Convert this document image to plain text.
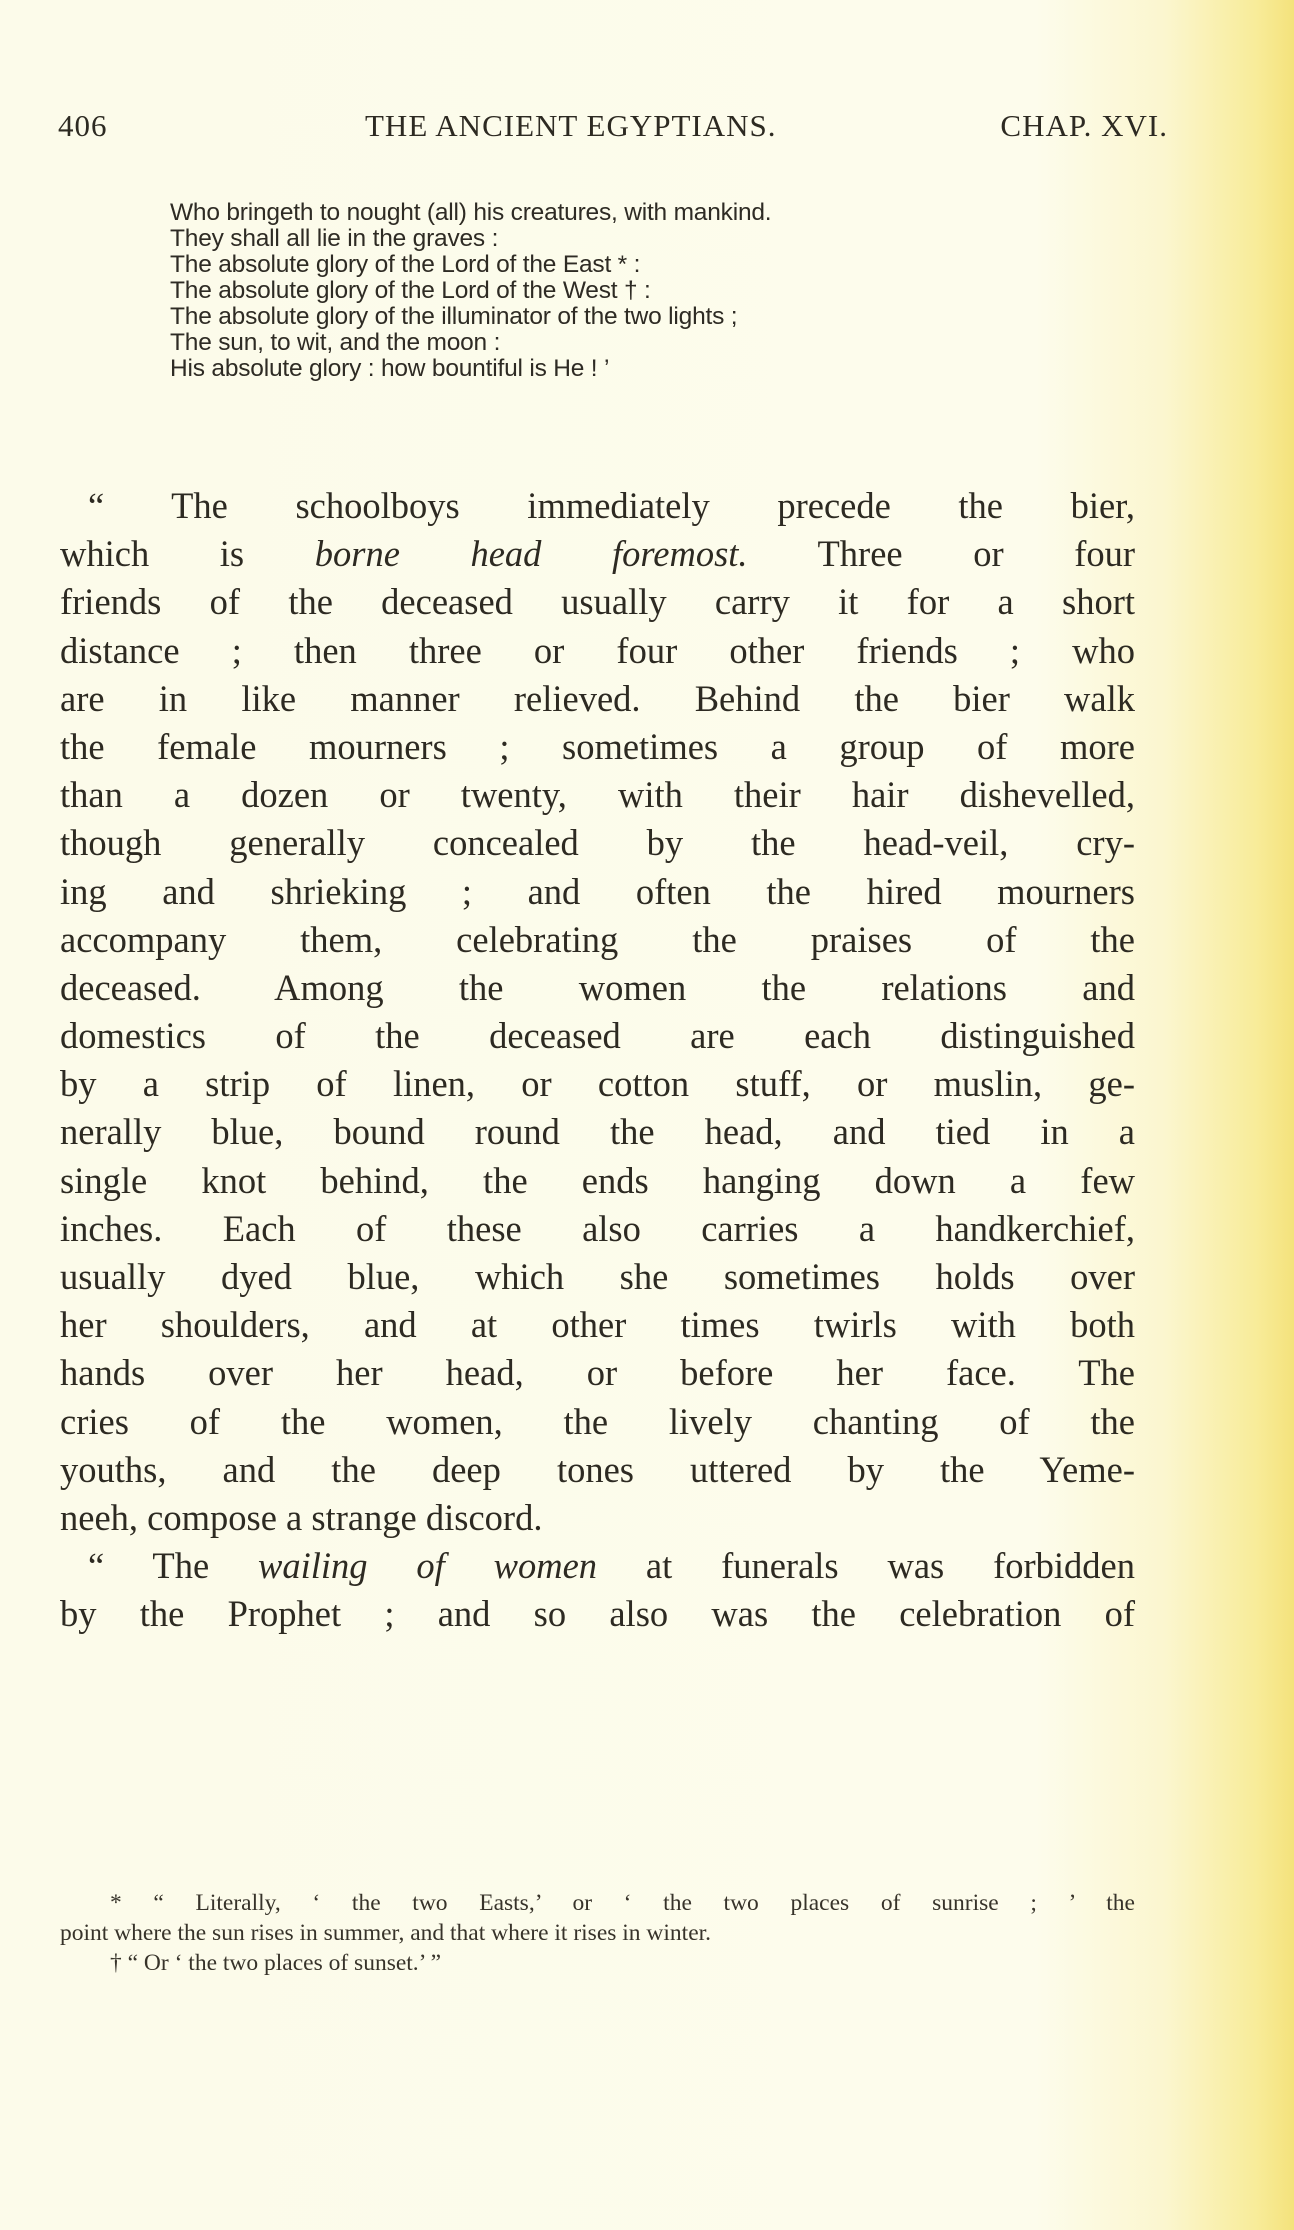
406	THE ANCIENT EGYPTIANS.	CHAP. XVI.
Who bringeth to nought (all) his creatures, with mankind.
They shall all lie in the graves :
The absolute glory of the Lord of the East * :
The absolute glory of the Lord of the West † :
The absolute glory of the illuminator of the two lights ;
The sun, to wit, and the moon :
His absolute glory : how bountiful is He ! ’
“ The schoolboys immediately precede the bier,
which is borne head foremost. Three or four
friends of the deceased usually carry it for a short
distance ; then three or four other friends ; who
are in like manner relieved. Behind the bier walk
the female mourners ; sometimes a group of more
than a dozen or twenty, with their hair dishevelled,
though generally concealed by the head-veil, cry-
ing and shrieking ; and often the hired mourners
accompany them, celebrating the praises of the
deceased. Among the women the relations and
domestics of the deceased are each distinguished
by a strip of linen, or cotton stuff, or muslin, ge-
nerally blue, bound round the head, and tied in a
single knot behind, the ends hanging down a few
inches. Each of these also carries a handkerchief,
usually dyed blue, which she sometimes holds over
her shoulders, and at other times twirls with both
hands over her head, or before her face. The
cries of the women, the lively chanting of the
youths, and the deep tones uttered by the Yeme-
neeh, compose a strange discord.
“ The wailing of women at funerals was forbidden
by the Prophet ; and so also was the celebration of
* “ Literally, ‘ the two Easts,’ or ‘ the two places of sunrise ; ’ the
point where the sun rises in summer, and that where it rises in winter.
† “ Or ‘ the two places of sunset.’ ”
